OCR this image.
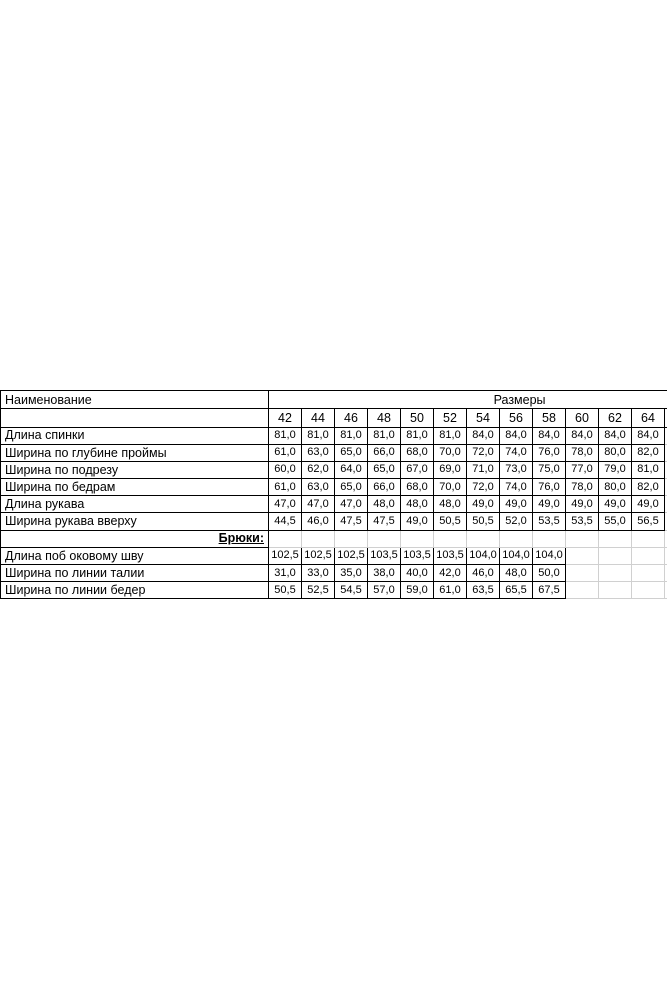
Наименование	Размеры												
	42	44	46	48	50	52	54	56	58	60	62	64	
Длина спинки	81,0	81,0	81,0	81,0	81,0	81,0	84,0	84,0	84,0	84,0	84,0	84,0	
Ширина по глубине проймы	61,0	63,0	65,0	66,0	68,0	70,0	72,0	74,0	76,0	78,0	80,0	82,0	
Ширина по подрезу	60,0	62,0	64,0	65,0	67,0	69,0	71,0	73,0	75,0	77,0	79,0	81,0	
Ширина по бедрам	61,0	63,0	65,0	66,0	68,0	70,0	72,0	74,0	76,0	78,0	80,0	82,0	
Длина рукава	47,0	47,0	47,0	48,0	48,0	48,0	49,0	49,0	49,0	49,0	49,0	49,0	
Ширина рукава вверху	44,5	46,0	47,5	47,5	49,0	50,5	50,5	52,0	53,5	53,5	55,0	56,5	
Брюки:													
Длина поб оковому шву	102,5	102,5	102,5	103,5	103,5	103,5	104,0	104,0	104,0				
Ширина по линии талии	31,0	33,0	35,0	38,0	40,0	42,0	46,0	48,0	50,0				
Ширина по линии бедер	50,5	52,5	54,5	57,0	59,0	61,0	63,5	65,5	67,5				
